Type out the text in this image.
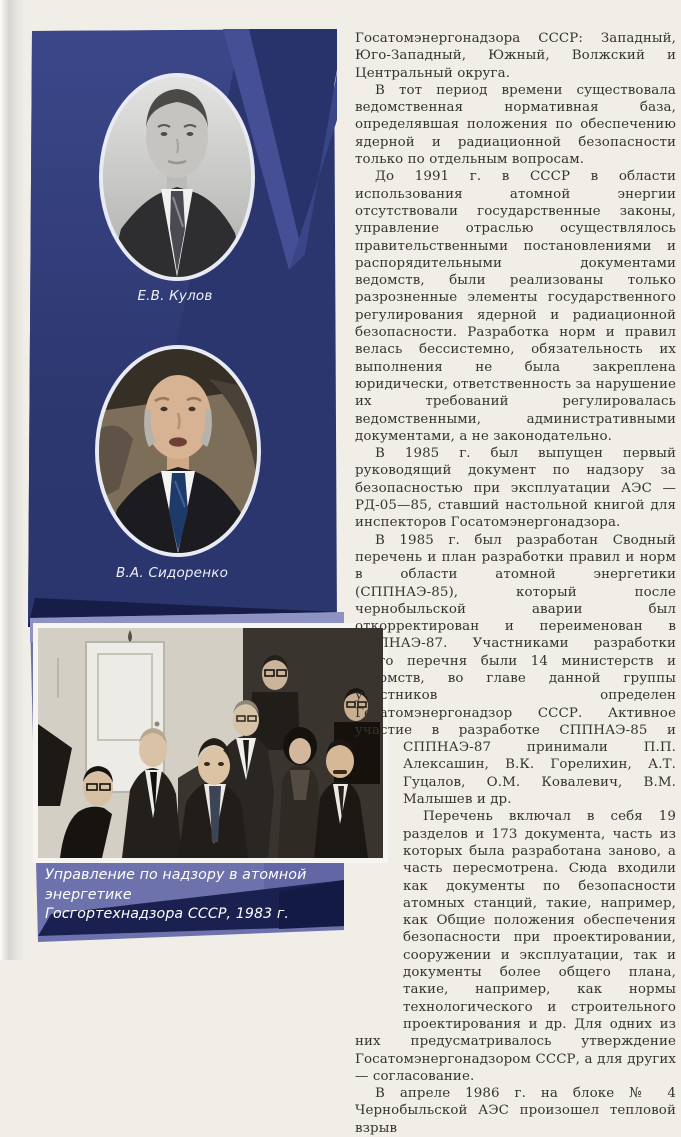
Е.В. Кулов
В.А. Сидоренко
Управление по надзору в атомной энергетике
Госгортехнадзора СССР, 1983 г.

Госатомэнергонадзора СССР: Западный, Юго-Западный, Южный, Волжский и Центральный округа.

В тот период времени существовала ведомственная нормативная база, определявшая положения по обеспечению ядерной и радиационной безопасности только по отдельным вопросам.

До 1991 г. в СССР в области использования атомной энергии отсутствовали государственные законы, управление отраслью осуществлялось правительственными постановлениями и распорядительными документами ведомств, были реализованы только разрозненные элементы государственного регулирования ядерной и радиационной безопасности. Разработка норм и правил велась бессистемно, обязательность их выполнения не была закреплена юридически, ответственность за нарушение их требований регулировалась ведомственными, административными документами, а не законодательно.

В 1985 г. был выпущен первый руководящий документ по надзору за безопасностью при эксплуатации АЭС — РД-05—85, ставший настольной книгой для инспекторов Госатомэнергонадзора.

В 1985 г. был разработан Сводный перечень и план разработки правил и норм в области атомной энергетики (СППНАЭ-85), который после чернобыльской аварии был откорректирован и переименован в СППНАЭ-87. Участниками разработки этого перечня были 14 министерств и ведомств, во главе данной группы участников определен Госатомэнергонадзор СССР. Активное участие в разработке СППНАЭ-85 и СППНАЭ-87
принимали П.П. Алексашин, В.К. Горелихин, А.Т. Гуцалов, О.М. Ковалевич, В.М. Малышев и др.

Перечень включал в себя 19 разделов и 173 документа, часть из которых была разработана заново, а часть пересмотрена. Сюда входили как документы по безопасности атомных станций, такие, например, как Общие положения обеспечения безопасности при проектировании, сооружении и эксплуатации, так и документы более общего плана, такие, например, как нормы технологического и строительного проектирования и др. Для одних из них предусматривалось утверждение Госатомэнергонадзором СССР, а для других — согласование.

В апреле 1986 г. на блоке № 4 Чернобыльской АЭС произошел тепловой взрыв
